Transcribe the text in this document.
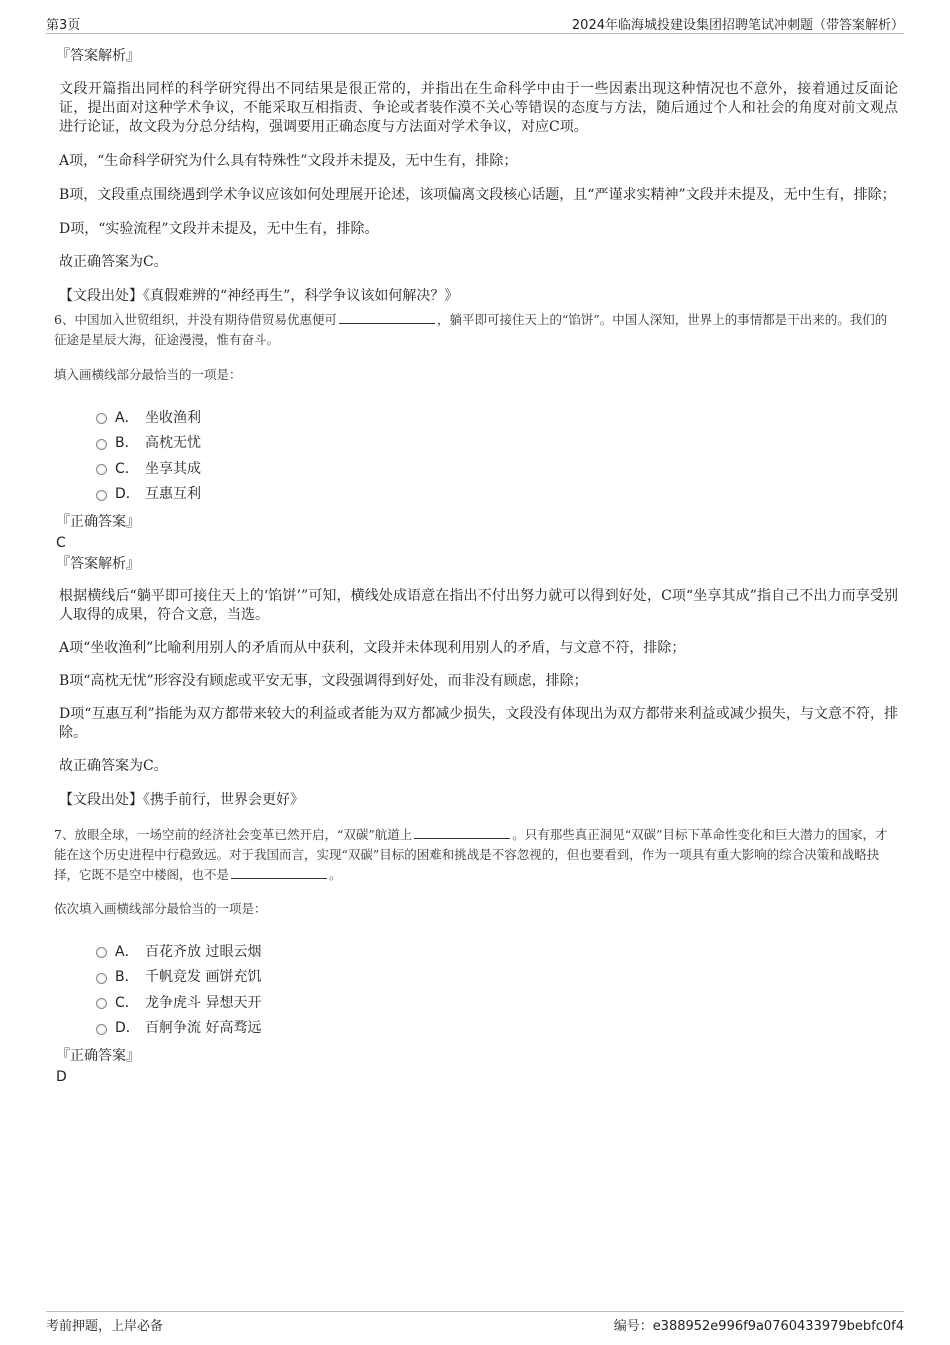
第3页	2024年临海城投建设集团招聘笔试冲刺题（带答案解析）
『答案解析』

文段开篇指出同样的科学研究得出不同结果是很正常的，并指出在生命科学中由于一些因素出现这种情况也不意外，接着通过反面论证，提出面对这种学术争议，不能采取互相指责、争论或者装作漠不关心等错误的态度与方法，随后通过个人和社会的角度对前文观点进行论证，故文段为分总分结构，强调要用正确态度与方法面对学术争议，对应C项。

A项，“生命科学研究为什么具有特殊性”文段并未提及，无中生有，排除；

B项，文段重点围绕遇到学术争议应该如何处理展开论述，该项偏离文段核心话题，且“严谨求实精神”文段并未提及，无中生有，排除；

D项，“实验流程”文段并未提及，无中生有，排除。

故正确答案为C。

【文段出处】《真假难辨的“神经再生”，科学争议该如何解决？》

6、中国加入世贸组织，并没有期待借贸易优惠便可	，躺平即可接住天上的“馅饼”。中国人深知，世界上的事情都是干出来的。我们的征途是星辰大海，征途漫漫，惟有奋斗。

填入画横线部分最恰当的一项是：

A． 坐收渔利
B． 高枕无忧
C． 坐享其成
D． 互惠互利
『正确答案』
C
『答案解析』

根据横线后“躺平即可接住天上的‘馅饼’”可知，横线处成语意在指出不付出努力就可以得到好处，C项“坐享其成”指自己不出力而享受别人取得的成果，符合文意，当选。

A项“坐收渔利”比喻利用别人的矛盾而从中获利，文段并未体现利用别人的矛盾，与文意不符，排除；

B项“高枕无忧”形容没有顾虑或平安无事，文段强调得到好处，而非没有顾虑，排除；

D项“互惠互利”指能为双方都带来较大的利益或者能为双方都减少损失，文段没有体现出为双方都带来利益或减少损失，与文意不符，排除。

故正确答案为C。

【文段出处】《携手前行，世界会更好》

7、放眼全球，一场空前的经济社会变革已然开启，“双碳”航道上	。只有那些真正洞见“双碳”目标下革命性变化和巨大潜力的国家，才能在这个历史进程中行稳致远。对于我国而言，实现“双碳”目标的困难和挑战是不容忽视的，但也要看到，作为一项具有重大影响的综合决策和战略抉择，它既不是空中楼阁，也不是	。

依次填入画横线部分最恰当的一项是：

A． 百花齐放 过眼云烟
B． 千帆竞发 画饼充饥
C． 龙争虎斗 异想天开
D． 百舸争流 好高骛远
『正确答案』
D
考前押题，上岸必备	编号：e388952e996f9a0760433979bebfc0f4
